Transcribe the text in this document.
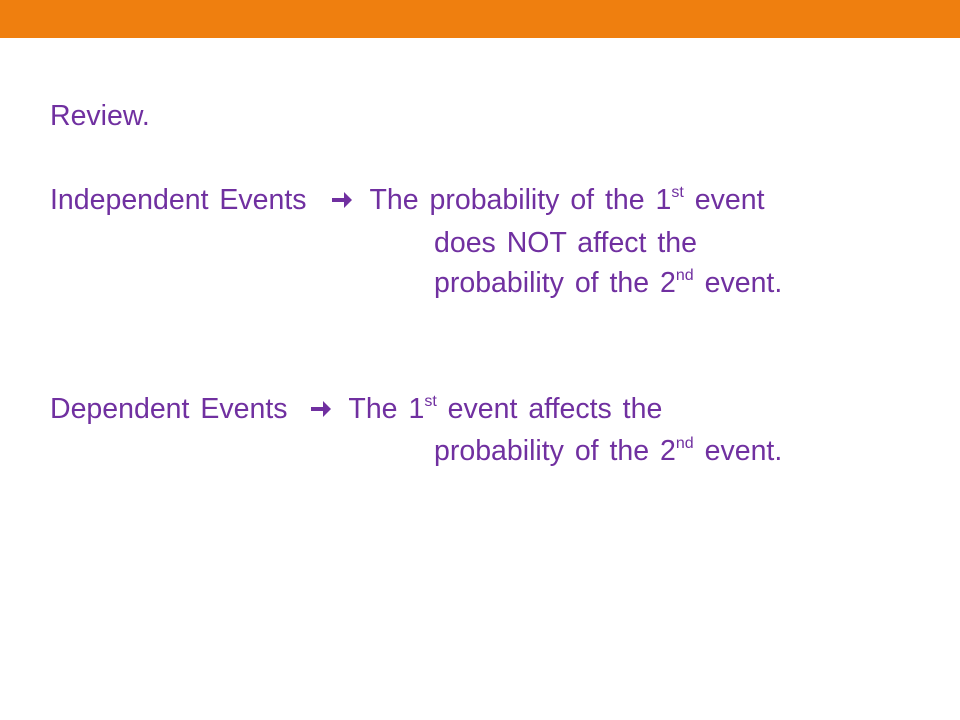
Review.
Independent Events The probability of the 1st event
does NOT affect the
probability of the 2nd event.
Dependent Events The 1st event affects the
probability of the 2nd event.
